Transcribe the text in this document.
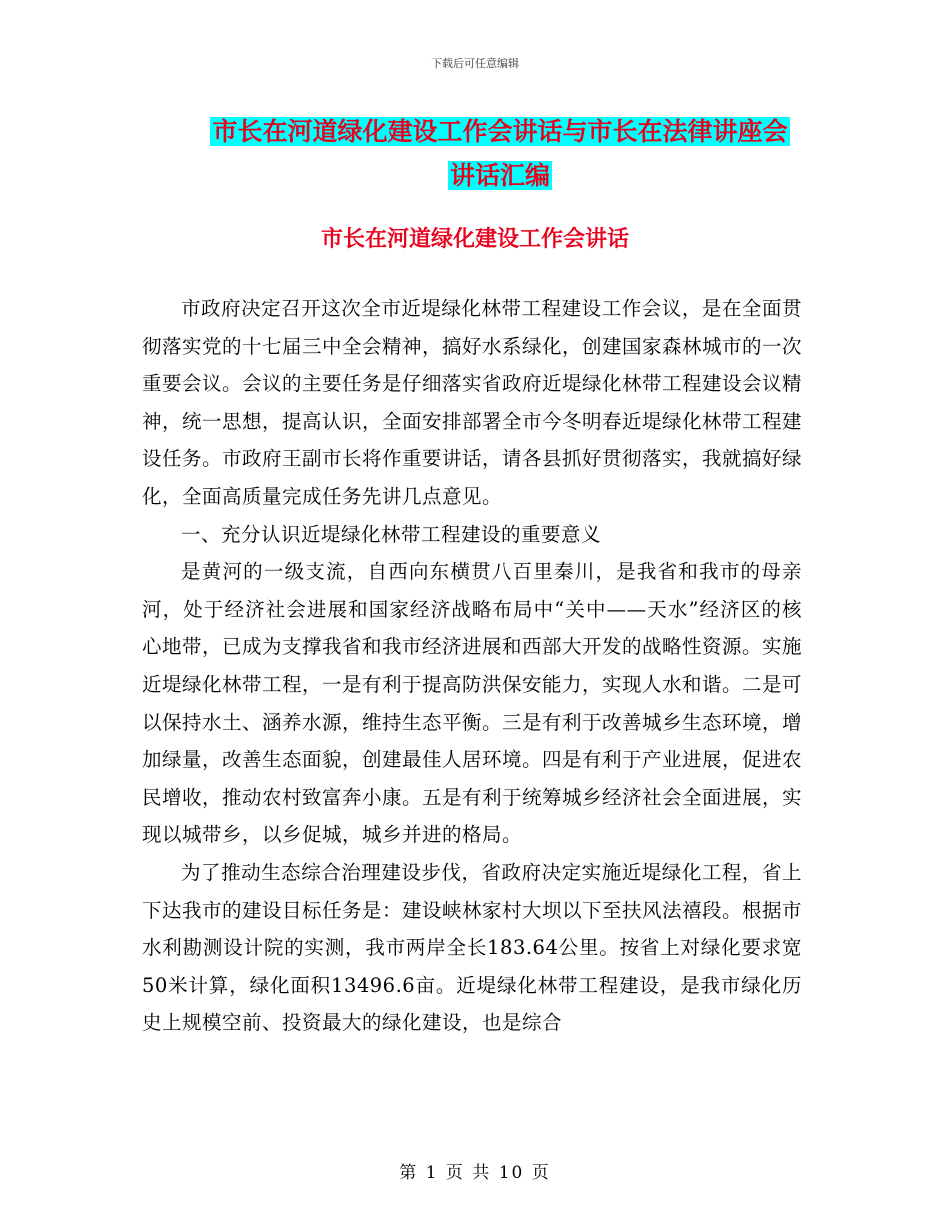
下载后可任意编辑
市长在河道绿化建设工作会讲话与市长在法律讲座会
讲话汇编
市长在河道绿化建设工作会讲话

市政府决定召开这次全市近堤绿化林带工程建设工作会议，是在全面贯彻落实党的十七届三中全会精神，搞好水系绿化，创建国家森林城市的一次重要会议。会议的主要任务是仔细落实省政府近堤绿化林带工程建设会议精神，统一思想，提高认识，全面安排部署全市今冬明春近堤绿化林带工程建设任务。市政府王副市长将作重要讲话，请各县抓好贯彻落实，我就搞好绿化，全面高质量完成任务先讲几点意见。

一、充分认识近堤绿化林带工程建设的重要意义

是黄河的一级支流，自西向东横贯八百里秦川，是我省和我市的母亲河，处于经济社会进展和国家经济战略布局中“关中——天水”经济区的核心地带，已成为支撑我省和我市经济进展和西部大开发的战略性资源。实施近堤绿化林带工程，一是有利于提高防洪保安能力，实现人水和谐。二是可以保持水土、涵养水源，维持生态平衡。三是有利于改善城乡生态环境，增加绿量，改善生态面貌，创建最佳人居环境。四是有利于产业进展，促进农民增收，推动农村致富奔小康。五是有利于统筹城乡经济社会全面进展，实现以城带乡，以乡促城，城乡并进的格局。

为了推动生态综合治理建设步伐，省政府决定实施近堤绿化工程，省上下达我市的建设目标任务是：建设峡林家村大坝以下至扶风法禧段。根据市水利勘测设计院的实测，我市两岸全长183.64公里。按省上对绿化要求宽50米计算，绿化面积13496.6亩。近堤绿化林带工程建设，是我市绿化历史上规模空前、投资最大的绿化建设，也是综合

第 1 页 共 10 页
